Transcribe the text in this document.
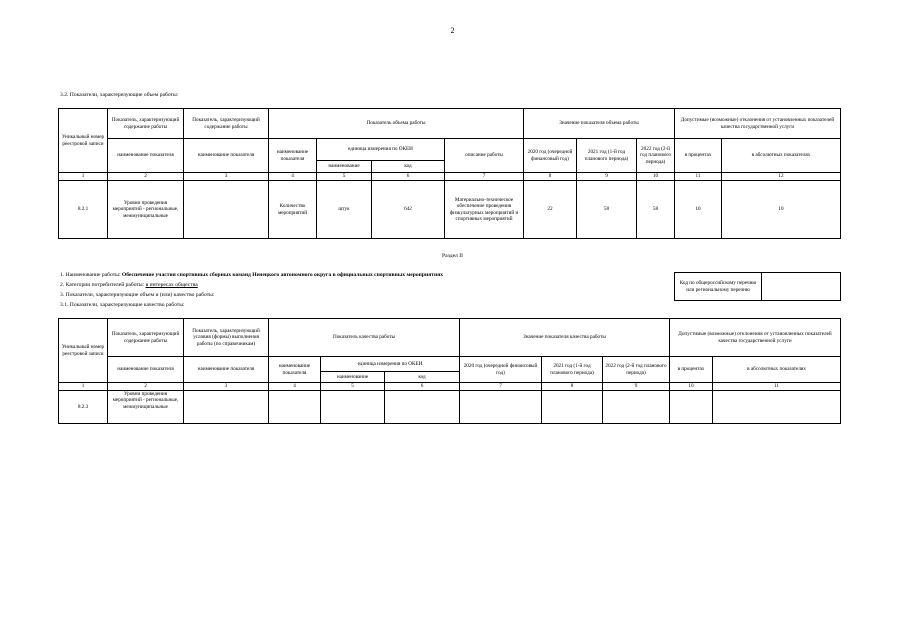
2
3.2. Показатели, характеризующие объем работы:
Уникальный номер реестровой записи	Показатель, характеризующий содержание работы	Показатель, характеризующий содержание работы	Показатель объема работы				Значение показателя объема работы			Допустимые (возможные) отклонения от установленных показателей качества государственной услуги	
	наименование показателя	наименование показателя	наименование показателя	единица измерения по ОКЕИ		описание работы	2020 год (очередной финансовый год)	2021 год (1-й год планового периода)	2022 год (2-й год планового периода)	в процентах	в абсолютных показателях
				наименование	код						
1	2	3	4	5	6	7	8	9	10	11	12
8.2.1	Уровни проведения мероприятий - региональные, межмуниципальные		Количество мероприятий	штук	642	Материально-техническое обеспечение проведения физкультурных мероприятий и спортивных мероприятий	22	58	58	10	10
Раздел II
1. Наименование работы: Обеспечение участия спортивных сборных команд Ненецкого автономного округа в официальных спортивных мероприятиях
2. Категории потребителей работы: в интересах общества
3. Показатели, характеризующие объем и (или) качество работы:
3.1. Показатели, характеризующие качество работы:
Код по общероссийскому перечню или региональному перечню	
Уникальный номер реестровой записи	Показатель, характеризующий содержание работы	Показатель, характеризующий условия (формы) выполнения работы (по справочникам)	Показатель качества работы			Значение показателя качества работы			Допустимые (возможные) отклонения от установленных показателей качества государственной услуги	
	наименование показателя	наименование показателя	наименование показателя	единица измерения по ОКЕИ		2020 год (очередной финансовый год)	2021 год (1-й год планового периода)	2022 год (2-й год планового периода)	в процентах	в абсолютных показателях
				наименование	код					
1	2	3	4	5	6	7	8	9	10	11
8.2.3	Уровни проведения мероприятий - региональные, межмуниципальные									
